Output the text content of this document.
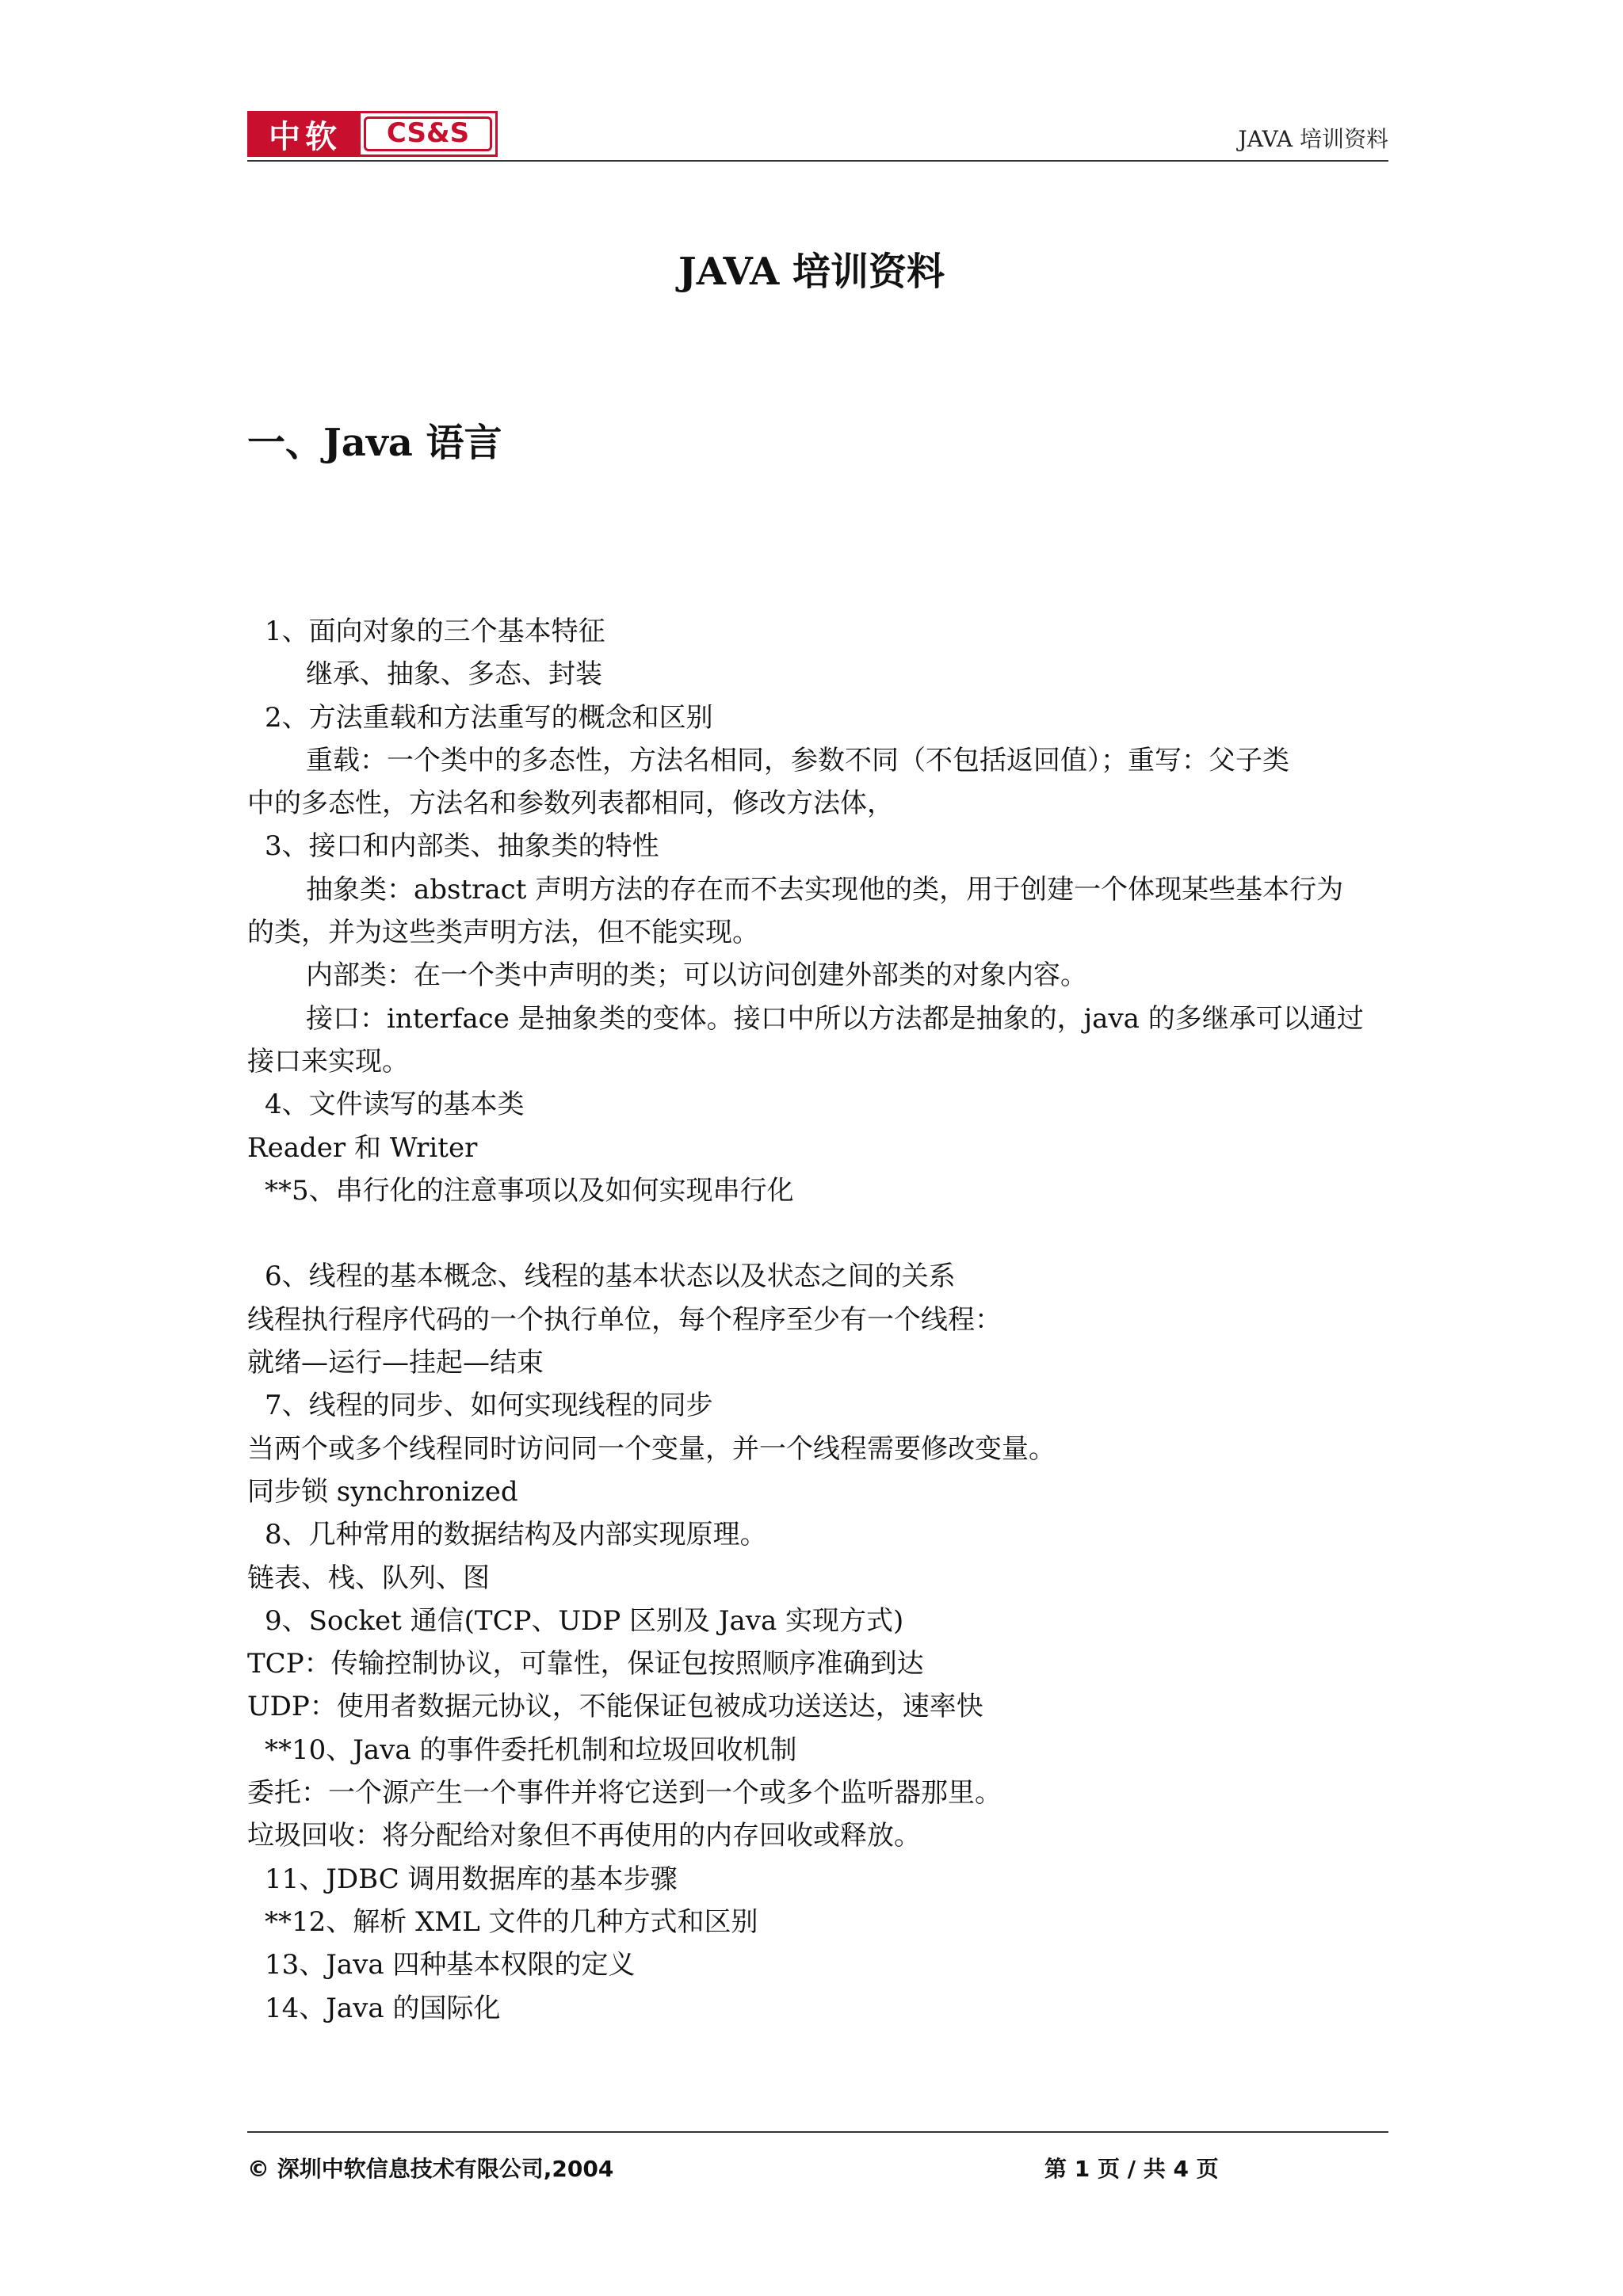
中软	CS&S	JAVA 培训资料
JAVA 培训资料
一、Java 语言
1、面向对象的三个基本特征
继承、抽象、多态、封装
2、方法重载和方法重写的概念和区别
重载：一个类中的多态性，方法名相同，参数不同（不包括返回值）；重写：父子类
中的多态性，方法名和参数列表都相同，修改方法体，
3、接口和内部类、抽象类的特性
抽象类：abstract 声明方法的存在而不去实现他的类，用于创建一个体现某些基本行为
的类，并为这些类声明方法，但不能实现。
内部类：在一个类中声明的类；可以访问创建外部类的对象内容。
接口：interface 是抽象类的变体。接口中所以方法都是抽象的，java 的多继承可以通过
接口来实现。
4、文件读写的基本类
Reader 和 Writer
**5、串行化的注意事项以及如何实现串行化
6、线程的基本概念、线程的基本状态以及状态之间的关系
线程执行程序代码的一个执行单位，每个程序至少有一个线程：
就绪—运行—挂起—结束
7、线程的同步、如何实现线程的同步
当两个或多个线程同时访问同一个变量，并一个线程需要修改变量。
同步锁 synchronized
8、几种常用的数据结构及内部实现原理。
链表、栈、队列、图
9、Socket 通信(TCP、UDP 区别及 Java 实现方式)
TCP：传输控制协议，可靠性，保证包按照顺序准确到达
UDP：使用者数据元协议，不能保证包被成功送送达，速率快
**10、Java 的事件委托机制和垃圾回收机制
委托：一个源产生一个事件并将它送到一个或多个监听器那里。
垃圾回收：将分配给对象但不再使用的内存回收或释放。
11、JDBC 调用数据库的基本步骤
**12、解析 XML 文件的几种方式和区别
13、Java 四种基本权限的定义
14、Java 的国际化
© 深圳中软信息技术有限公司,2004	第 1 页 / 共 4 页
